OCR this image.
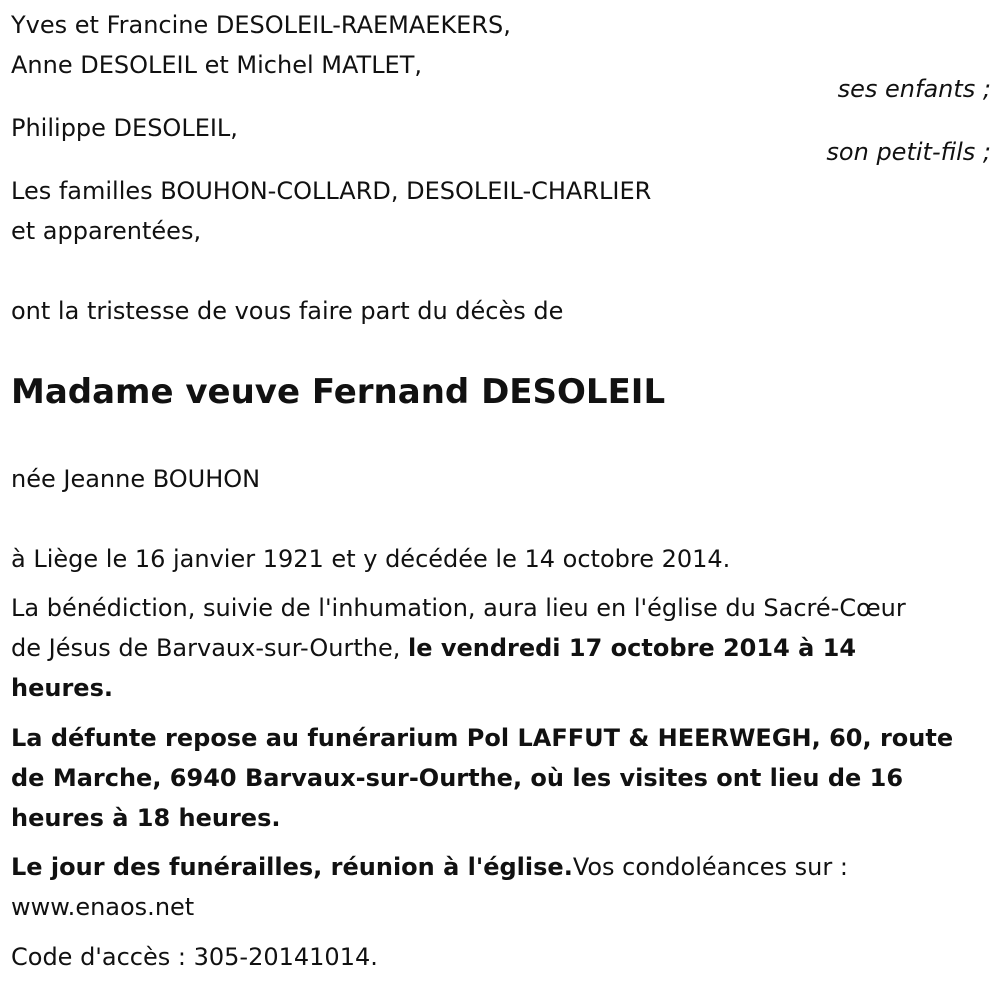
Yves et Francine DESOLEIL-RAEMAEKERS,
Anne DESOLEIL et Michel MATLET,
ses enfants ;
Philippe DESOLEIL,
son petit-fils ;
Les familles BOUHON-COLLARD, DESOLEIL-CHARLIER
et apparentées,
ont la tristesse de vous faire part du décès de
Madame veuve Fernand DESOLEIL
née Jeanne BOUHON
à Liège le 16 janvier 1921 et y décédée le 14 octobre 2014.
La bénédiction, suivie de l'inhumation, aura lieu en l'église du Sacré-Cœur
de Jésus de Barvaux-sur-Ourthe, le vendredi 17 octobre 2014 à 14
heures.
La défunte repose au funérarium Pol LAFFUT & HEERWEGH, 60, route
de Marche, 6940 Barvaux-sur-Ourthe, où les visites ont lieu de 16
heures à 18 heures.
Le jour des funérailles, réunion à l'église.Vos condoléances sur :
www.enaos.net
Code d'accès : 305-20141014.
